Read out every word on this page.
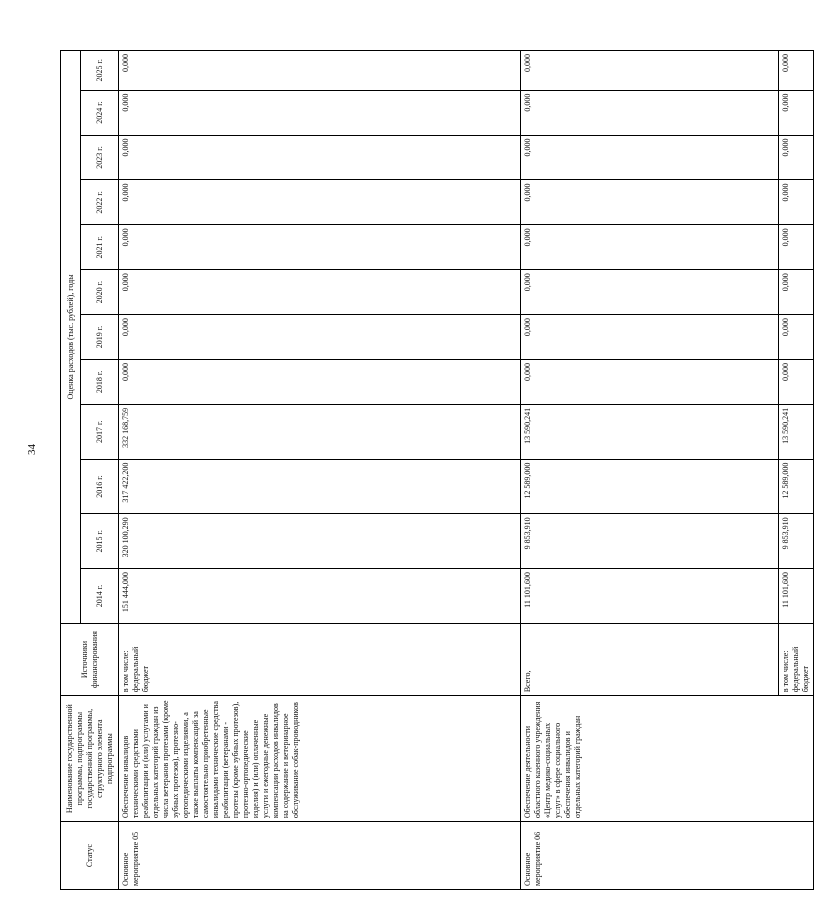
34
Статус	Наименование государственной программы, подпрограммы государственной программы, структурного элемента подпрограммы	Источники финансирования	Оценка расходов (тыс. рублей), годы											
			2014 г.	2015 г.	2016 г.	2017 г.	2018 г.	2019 г.	2020 г.	2021 г.	2022 г.	2023 г.	2024 г.	2025 г.
Основное мероприятие 05	Обеспечение инвалидов техническими средствами реабилитации и (или) услугами и отдельных категорий граждан из числа ветеранов протезами (кроме зубных протезов), протезно-ортопедическими изделиями, а также выплаты компенсаций за самостоятельно приобретенные инвалидами технические средства реабилитации (ветеранами - протезы (кроме зубных протезов), протезно-ортопедические изделия) и (или) оплаченные услуги и ежегодные денежные компенсации расходов инвалидов на содержание и ветеринарное обслуживание собак-проводников	в том числе: федеральный бюджет	151 444,000	320 100,290	317 422,200	332 168,759	0,000	0,000	0,000	0,000	0,000	0,000	0,000	0,000
Основное мероприятие 06	Обеспечение деятельности областного казенного учреждения «Центр медико-социальных услуг» в сфере социального обеспечения инвалидов и отдельных категорий граждан	Всего,	11 101,600	9 853,910	12 589,000	13 590,241	0,000	0,000	0,000	0,000	0,000	0,000	0,000	0,000
		в том числе: федеральный бюджет	11 101,600	9 853,910	12 589,000	13 590,241	0,000	0,000	0,000	0,000	0,000	0,000	0,000	0,000
